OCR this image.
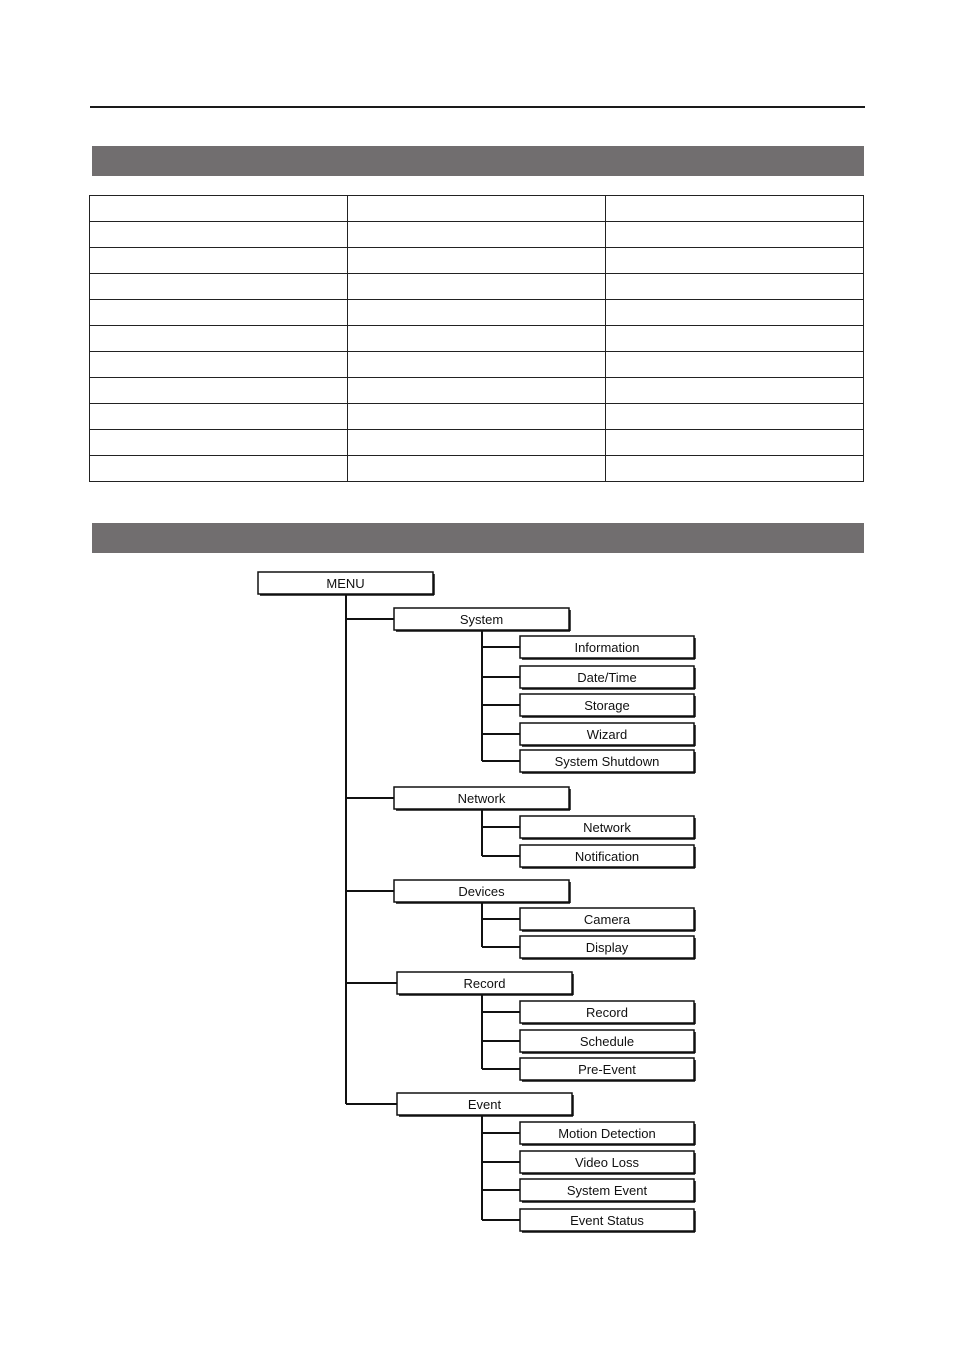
MENU
System
Information
Date/Time
Storage
Wizard
System Shutdown
Network
Network
Notification
Devices
Camera
Display
Record
Record
Schedule
Pre-Event
Event
Motion Detection
Video Loss
System Event
Event Status
